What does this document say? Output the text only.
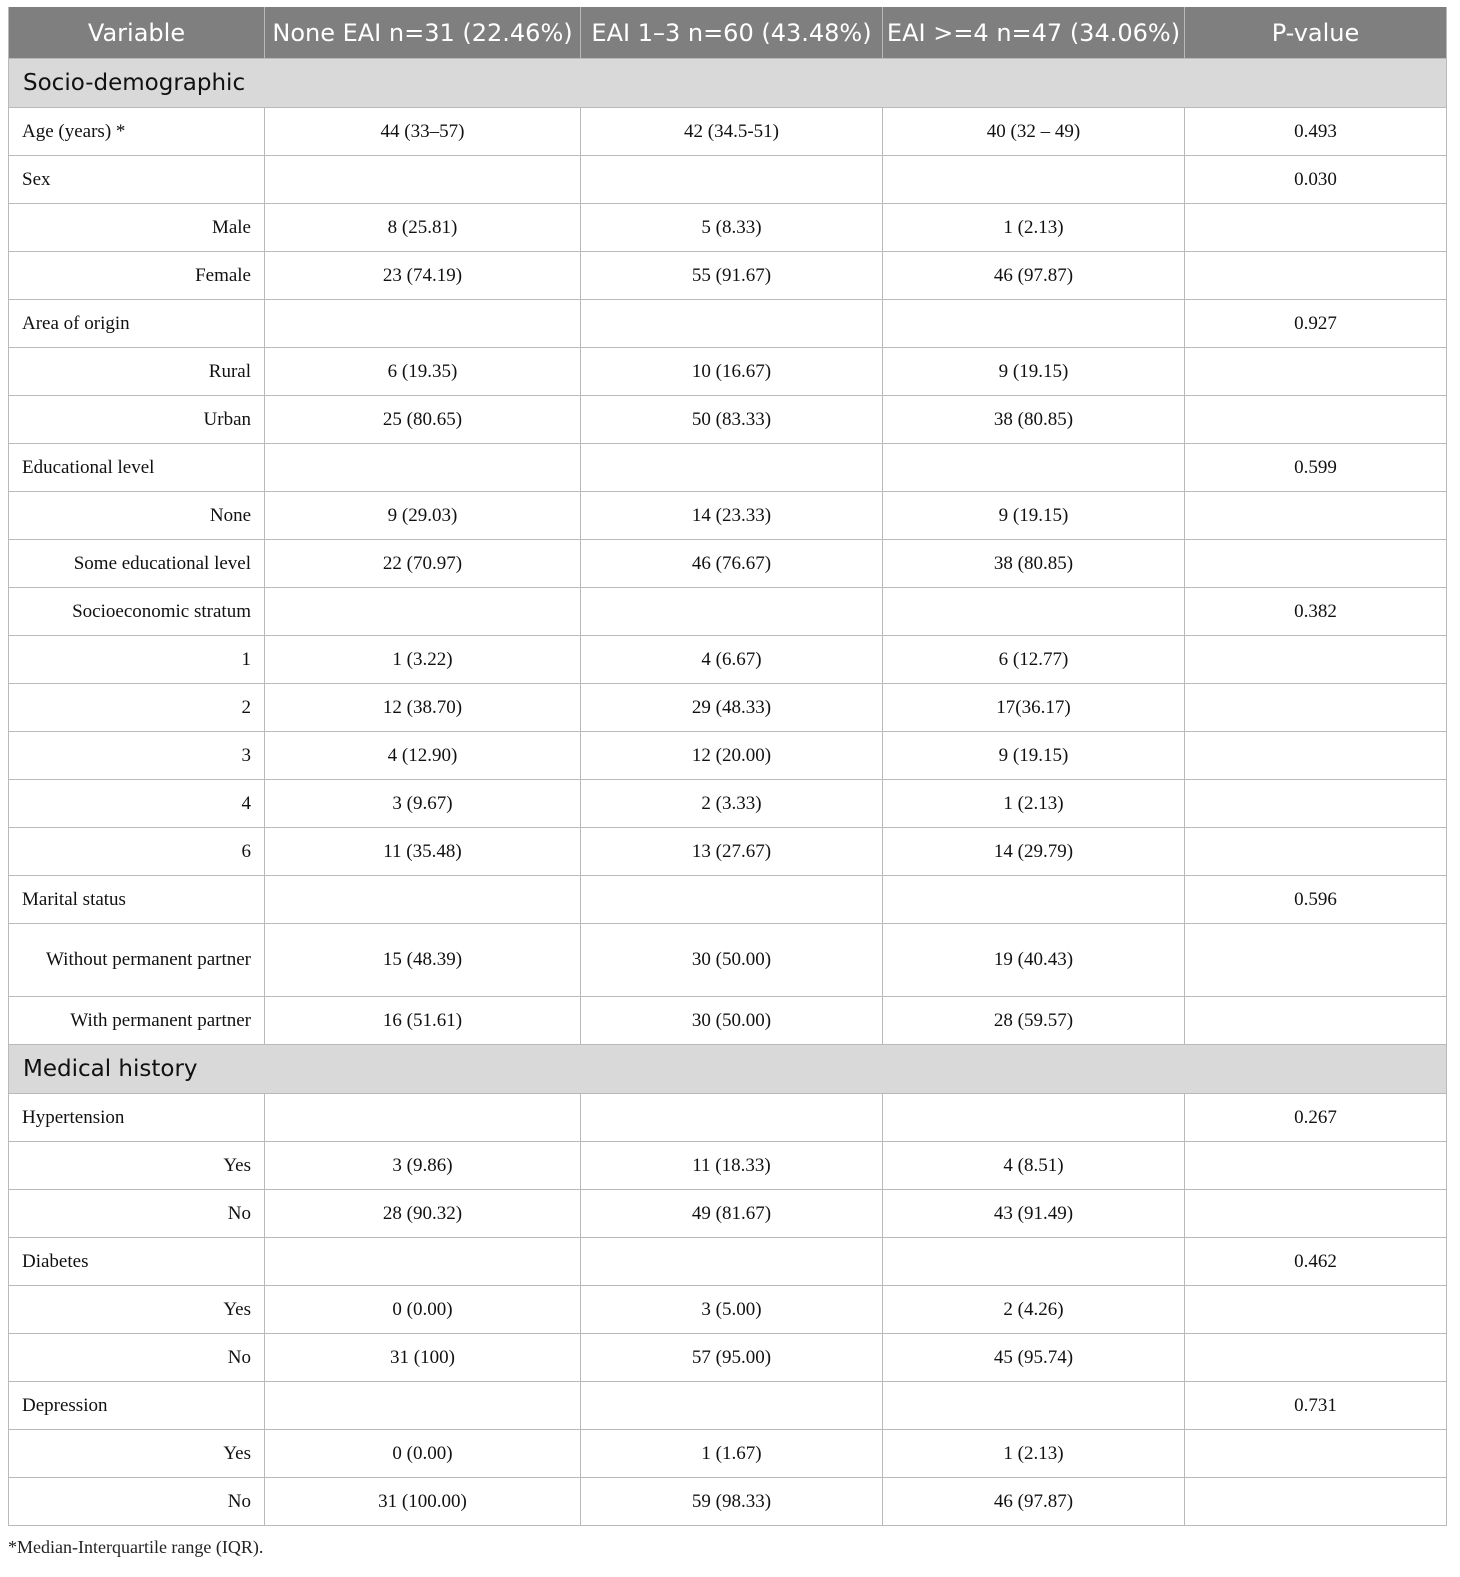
Variable	None EAI n=31 (22.46%)	EAI 1–3 n=60 (43.48%)	EAI >=4 n=47 (34.06%)	P-value
Socio-demographic				
Age (years) *	44 (33–57)	42 (34.5-51)	40 (32 – 49)	0.493
Sex				0.030
Male	8 (25.81)	5 (8.33)	1 (2.13)	
Female	23 (74.19)	55 (91.67)	46 (97.87)	
Area of origin				0.927
Rural	6 (19.35)	10 (16.67)	9 (19.15)	
Urban	25 (80.65)	50 (83.33)	38 (80.85)	
Educational level				0.599
None	9 (29.03)	14 (23.33)	9 (19.15)	
Some educational level	22 (70.97)	46 (76.67)	38 (80.85)	
Socioeconomic stratum				0.382
1	1 (3.22)	4 (6.67)	6 (12.77)	
2	12 (38.70)	29 (48.33)	17(36.17)	
3	4 (12.90)	12 (20.00)	9 (19.15)	
4	3 (9.67)	2 (3.33)	1 (2.13)	
6	11 (35.48)	13 (27.67)	14 (29.79)	
Marital status				0.596
Without permanent partner	15 (48.39)	30 (50.00)	19 (40.43)	
With permanent partner	16 (51.61)	30 (50.00)	28 (59.57)	
Medical history				
Hypertension				0.267
Yes	3 (9.86)	11 (18.33)	4 (8.51)	
No	28 (90.32)	49 (81.67)	43 (91.49)	
Diabetes				0.462
Yes	0 (0.00)	3 (5.00)	2 (4.26)	
No	31 (100)	57 (95.00)	45 (95.74)	
Depression				0.731
Yes	0 (0.00)	1 (1.67)	1 (2.13)	
No	31 (100.00)	59 (98.33)	46 (97.87)	
*Median-Interquartile range (IQR).
